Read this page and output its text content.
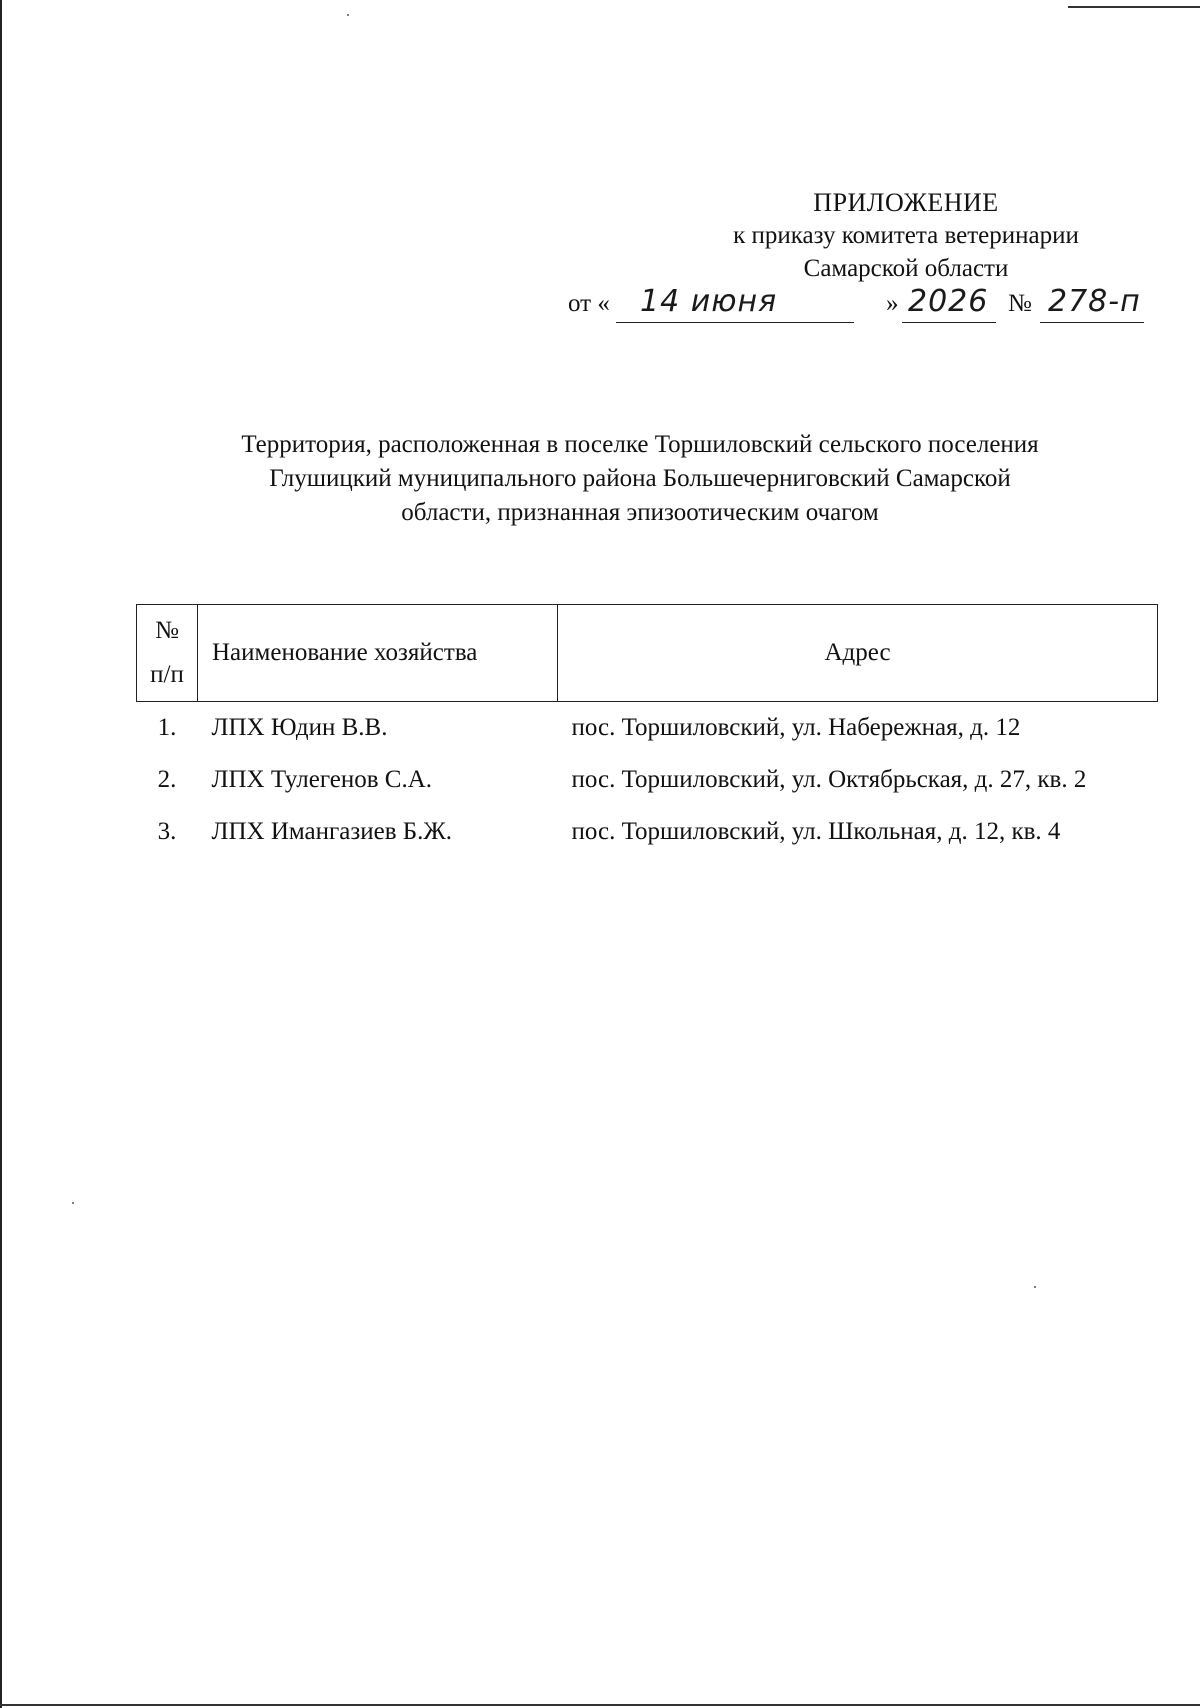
ПРИЛОЖЕНИЕ
к приказу комитета ветеринарии
Самарской области
от « 14 июня	» 2026 № 278-п
Территория, расположенная в поселке Торшиловский сельского поселения
Глушицкий муниципального района Большечерниговский Самарской
области, признанная эпизоотическим очагом
№
п/п	Наименование хозяйства	Адрес
1.	ЛПХ Юдин В.В.	пос. Торшиловский, ул. Набережная, д. 12
2.	ЛПХ Тулегенов С.А.	пос. Торшиловский, ул. Октябрьская, д. 27, кв. 2
3.	ЛПХ Имангазиев Б.Ж.	пос. Торшиловский, ул. Школьная, д. 12, кв. 4
